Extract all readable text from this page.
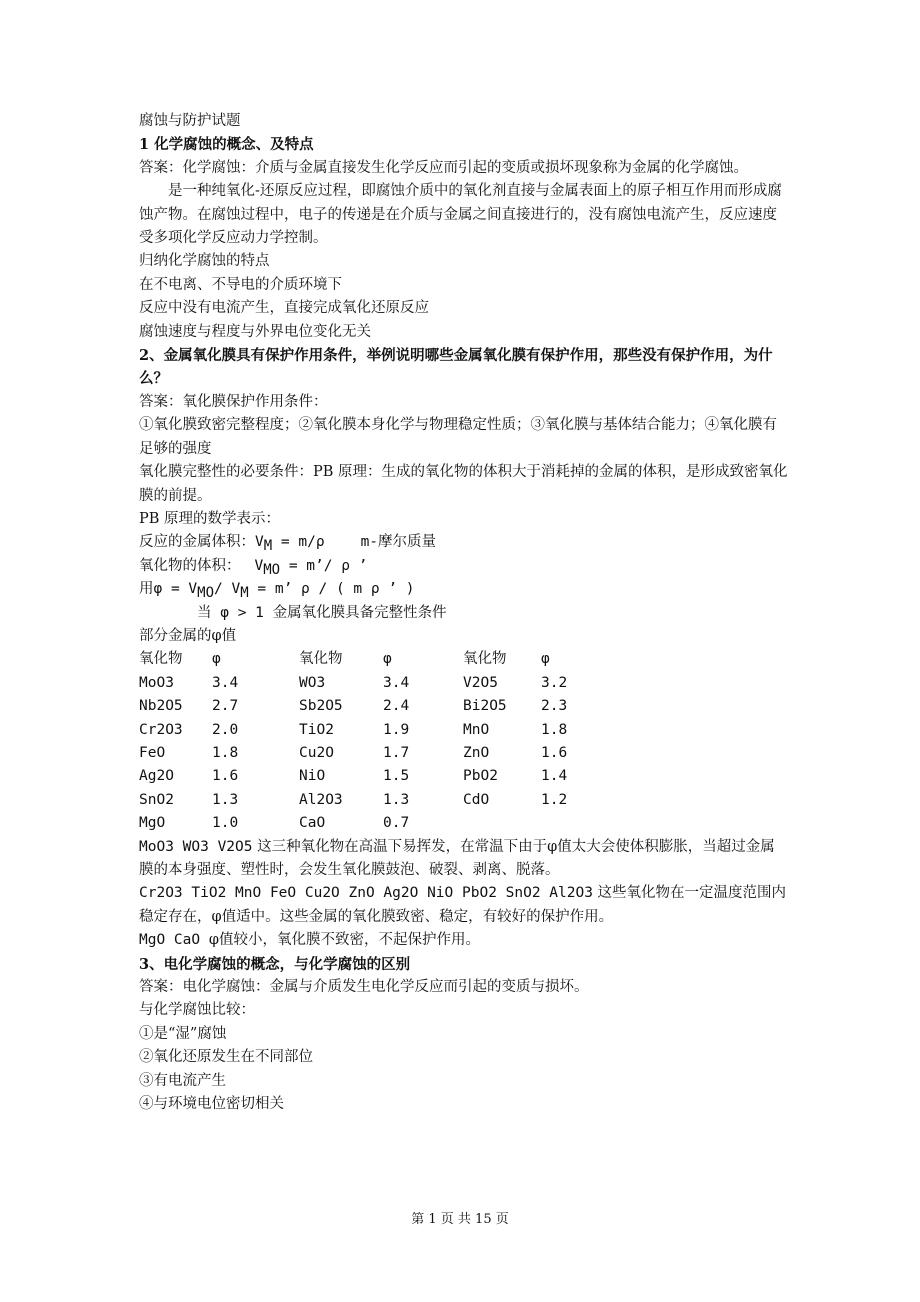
腐蚀与防护试题

1 化学腐蚀的概念、及特点

答案：化学腐蚀：介质与金属直接发生化学反应而引起的变质或损坏现象称为金属的化学腐蚀。

是一种纯氧化-还原反应过程，即腐蚀介质中的氧化剂直接与金属表面上的原子相互作用而形成腐蚀产物。在腐蚀过程中，电子的传递是在介质与金属之间直接进行的，没有腐蚀电流产生，反应速度受多项化学反应动力学控制。

归纳化学腐蚀的特点

在不电离、不导电的介质环境下

反应中没有电流产生，直接完成氧化还原反应

腐蚀速度与程度与外界电位变化无关

2、金属氧化膜具有保护作用条件，举例说明哪些金属氧化膜有保护作用，那些没有保护作用，为什么？

答案：氧化膜保护作用条件：

①氧化膜致密完整程度；②氧化膜本身化学与物理稳定性质；③氧化膜与基体结合能力；④氧化膜有足够的强度

氧化膜完整性的必要条件：PB 原理：生成的氧化物的体积大于消耗掉的金属的体积，是形成致密氧化膜的前提。

PB 原理的数学表示：

反应的金属体积：VM = m/ρ m-摩尔质量

氧化物的体积： VMO = m’/ ρ ’

用φ = VMO/ VM = m’ ρ / ( m ρ ’ )

当 φ > 1 金属氧化膜具备完整性条件

部分金属的φ值

氧化物	φ	氧化物	φ	氧化物	φ
MoO3	3.4	WO3	3.4	V2O5	3.2
Nb2O5	2.7	Sb2O5	2.4	Bi2O5	2.3
Cr2O3	2.0	TiO2	1.9	MnO	1.8
FeO	1.8	Cu2O	1.7	ZnO	1.6
Ag2O	1.6	NiO	1.5	PbO2	1.4
SnO2	1.3	Al2O3	1.3	CdO	1.2
MgO	1.0	CaO	0.7		

MoO3 WO3 V2O5 这三种氧化物在高温下易挥发，在常温下由于φ值太大会使体积膨胀，当超过金属膜的本身强度、塑性时，会发生氧化膜鼓泡、破裂、剥离、脱落。

Cr2O3 TiO2 MnO FeO Cu2O ZnO Ag2O NiO PbO2 SnO2 Al2O3 这些氧化物在一定温度范围内稳定存在，φ值适中。这些金属的氧化膜致密、稳定，有较好的保护作用。

MgO CaO φ值较小，氧化膜不致密，不起保护作用。

3、电化学腐蚀的概念，与化学腐蚀的区别

答案：电化学腐蚀：金属与介质发生电化学反应而引起的变质与损坏。

与化学腐蚀比较：

①是“湿”腐蚀

②氧化还原发生在不同部位

③有电流产生

④与环境电位密切相关

第 1 页 共 15 页
